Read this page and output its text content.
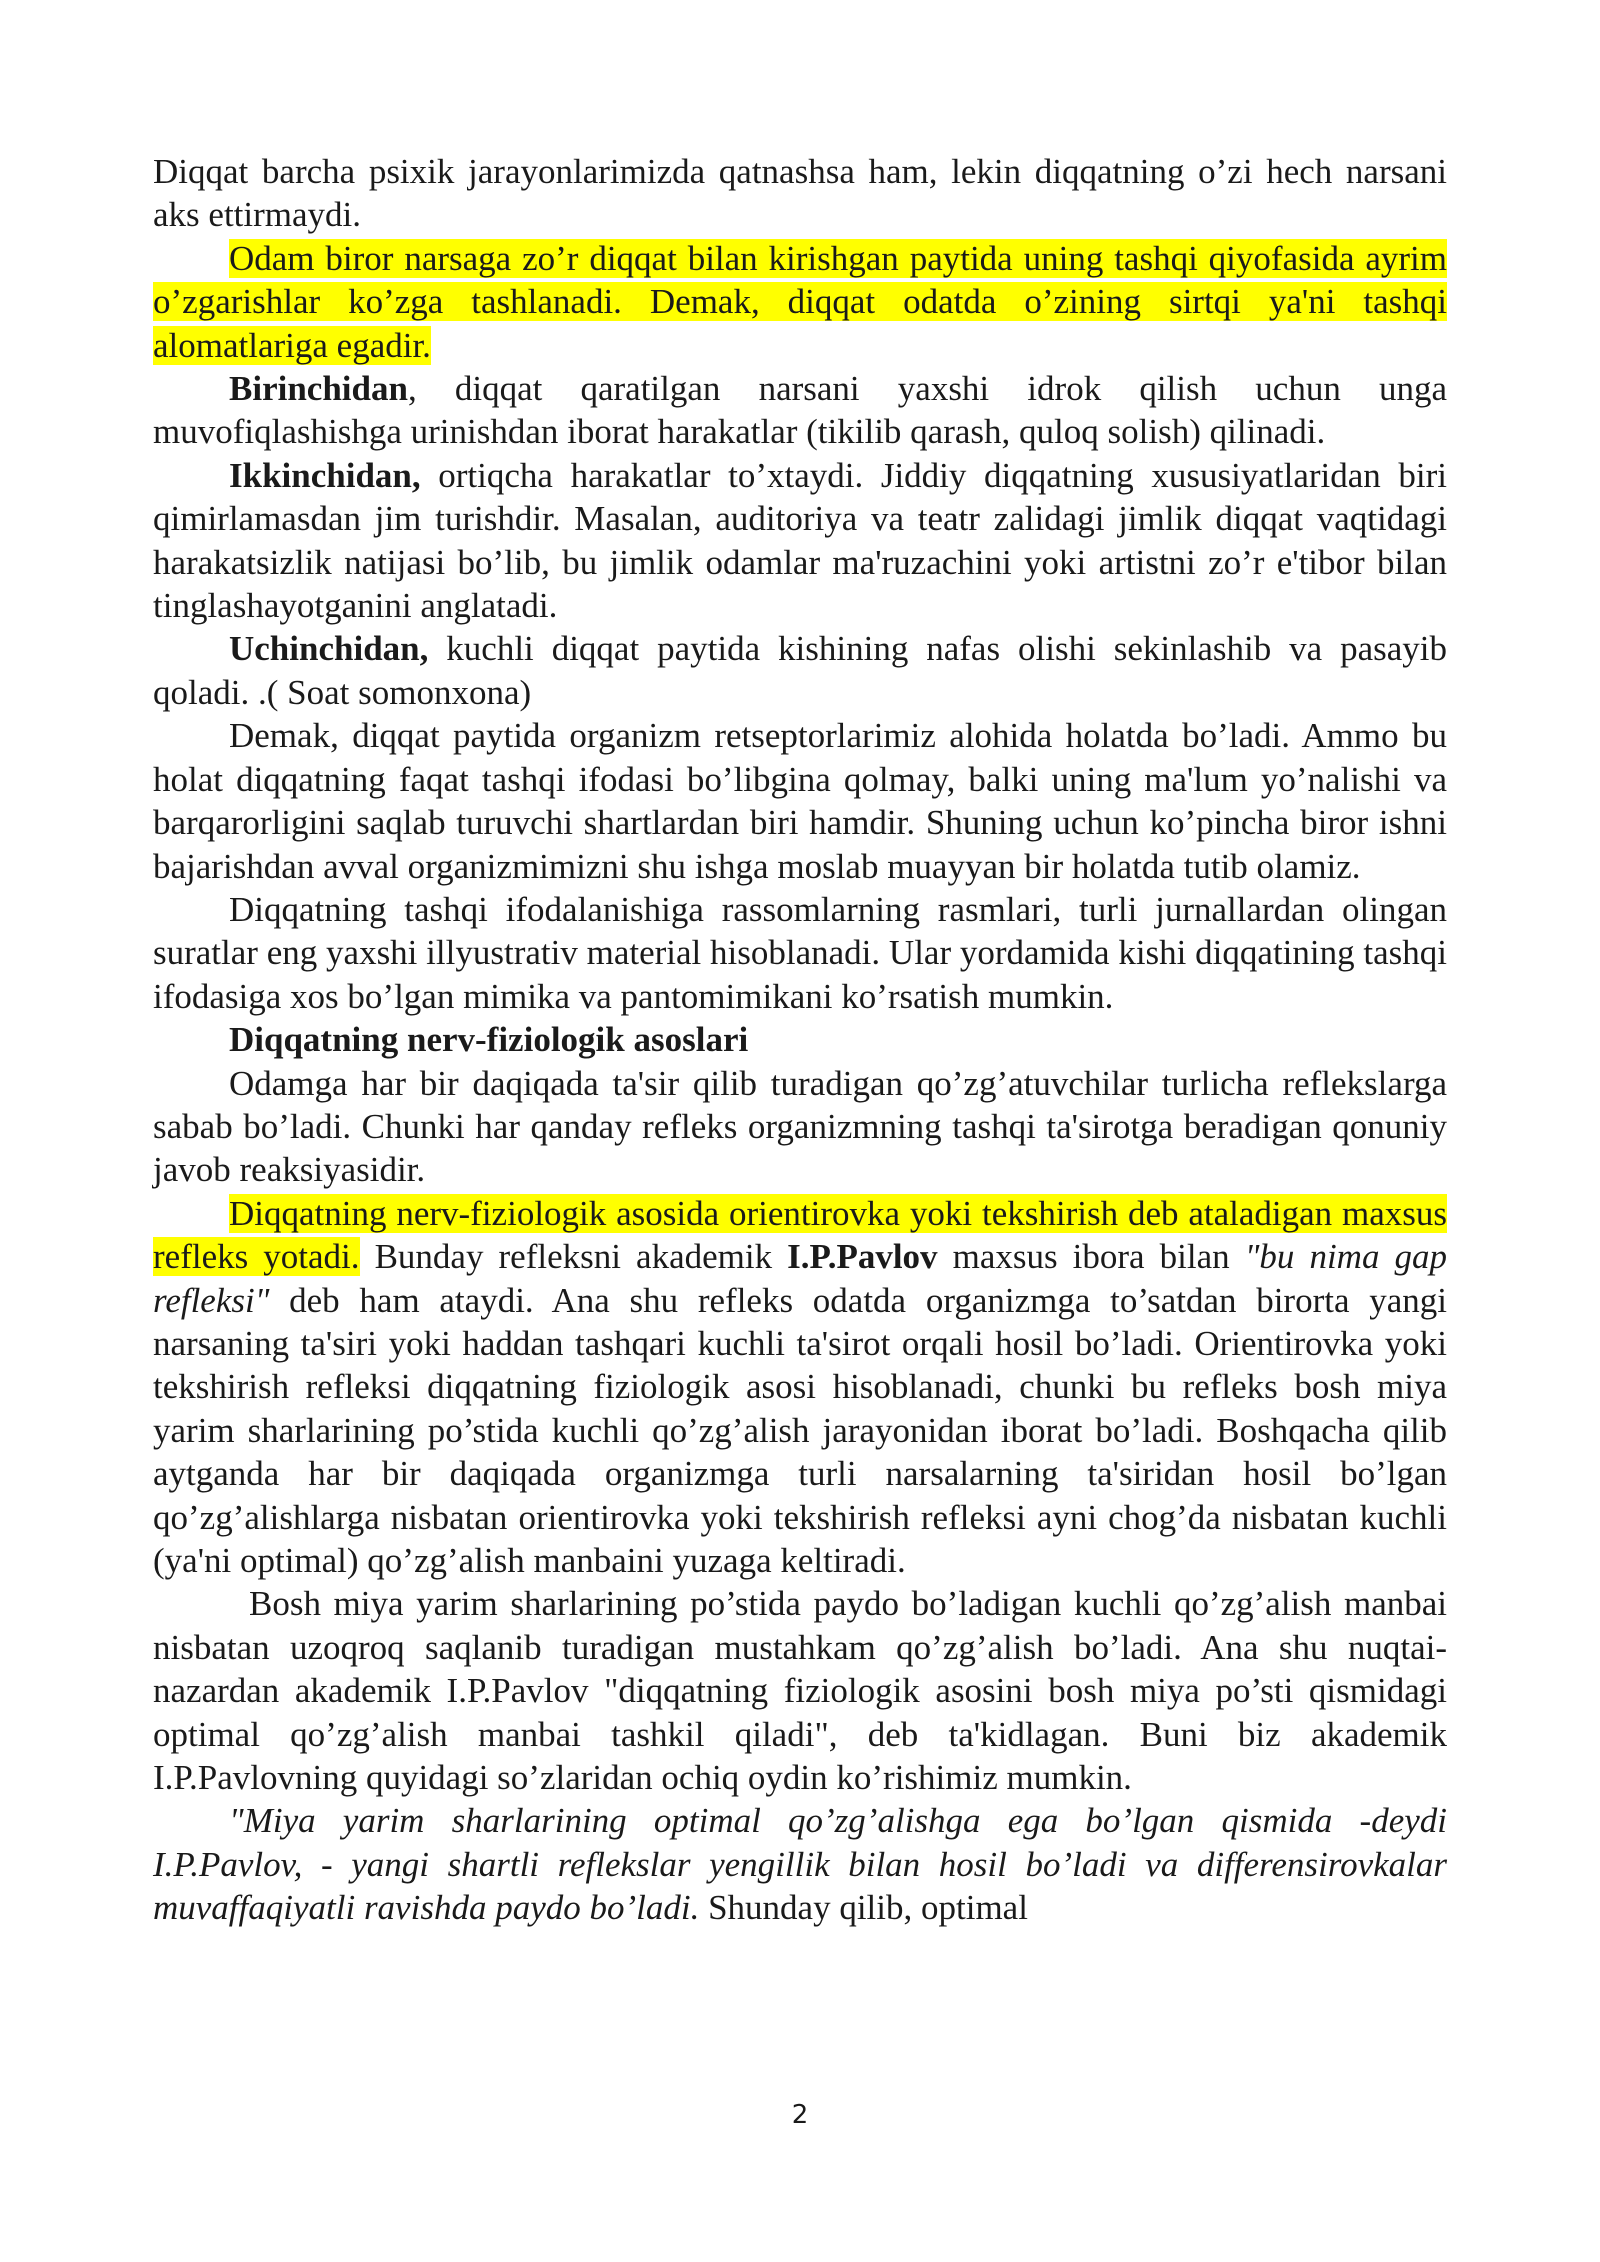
Diqqat barcha psixik jarayonlarimizda qatnashsa ham, lekin diqqatning o’zi hech narsani aks ettirmaydi.

Odam biror narsaga zo’r diqqat bilan kirishgan paytida uning tashqi qiyofasida ayrim o’zgarishlar ko’zga tashlanadi. Demak, diqqat odatda o’zining sirtqi ya'ni tashqi alomatlariga egadir.

Birinchidan, diqqat qaratilgan narsani yaxshi idrok qilish uchun unga muvofiqlashishga urinishdan iborat harakatlar (tikilib qarash, quloq solish) qilinadi.

Ikkinchidan, ortiqcha harakatlar to’xtaydi. Jiddiy diqqatning xususiyatlaridan biri qimirlamasdan jim turishdir. Masalan, auditoriya va teatr zalidagi jimlik diqqat vaqtidagi harakatsizlik natijasi bo’lib, bu jimlik odamlar ma'ruzachini yoki artistni zo’r e'tibor bilan tinglashayotganini anglatadi.

Uchinchidan, kuchli diqqat paytida kishining nafas olishi sekinlashib va pasayib qoladi. .( Soat somonxona)

Demak, diqqat paytida organizm retseptorlarimiz alohida holatda bo’ladi. Ammo bu holat diqqatning faqat tashqi ifodasi bo’libgina qolmay, balki uning ma'lum yo’nalishi va barqarorligini saqlab turuvchi shartlardan biri hamdir. Shuning uchun ko’pincha biror ishni bajarishdan avval organizmimizni shu ishga moslab muayyan bir holatda tutib olamiz.

Diqqatning tashqi ifodalanishiga rassomlarning rasmlari, turli jurnallardan olingan suratlar eng yaxshi illyustrativ material hisoblanadi. Ular yordamida kishi diqqatining tashqi ifodasiga xos bo’lgan mimika va pantomimikani ko’rsatish mumkin.

Diqqatning nerv-fiziologik asoslari

Odamga har bir daqiqada ta'sir qilib turadigan qo’zg’atuvchilar turlicha reflekslarga sabab bo’ladi. Chunki har qanday refleks organizmning tashqi ta'sirotga beradigan qonuniy javob reaksiyasidir.

Diqqatning nerv-fiziologik asosida orientirovka yoki tekshirish deb ataladigan maxsus refleks yotadi. Bunday refleksni akademik I.P.Pavlov maxsus ibora bilan "bu nima gap refleksi" deb ham ataydi. Ana shu refleks odatda organizmga to’satdan birorta yangi narsaning ta'siri yoki haddan tashqari kuchli ta'sirot orqali hosil bo’ladi. Orientirovka yoki tekshirish refleksi diqqatning fiziologik asosi hisoblanadi, chunki bu refleks bosh miya yarim sharlarining po’stida kuchli qo’zg’alish jarayonidan iborat bo’ladi. Boshqacha qilib aytganda har bir daqiqada organizmga turli narsalarning ta'siridan hosil bo’lgan qo’zg’alishlarga nisbatan orientirovka yoki tekshirish refleksi ayni chog’da nisbatan kuchli (ya'ni optimal) qo’zg’alish manbaini yuzaga keltiradi.

Bosh miya yarim sharlarining po’stida paydo bo’ladigan kuchli qo’zg’alish manbai nisbatan uzoqroq saqlanib turadigan mustahkam qo’zg’alish bo’ladi. Ana shu nuqtai- nazardan akademik I.P.Pavlov "diqqatning fiziologik asosini bosh miya po’sti qismidagi optimal qo’zg’alish manbai tashkil qiladi", deb ta'kidlagan. Buni biz akademik I.P.Pavlovning quyidagi so’zlaridan ochiq oydin ko’rishimiz mumkin.

"Miya yarim sharlarining optimal qo’zg’alishga ega bo’lgan qismida -deydi I.P.Pavlov, - yangi shartli reflekslar yengillik bilan hosil bo’ladi va differensirovkalar muvaffaqiyatli ravishda paydo bo’ladi. Shunday qilib, optimal

2
